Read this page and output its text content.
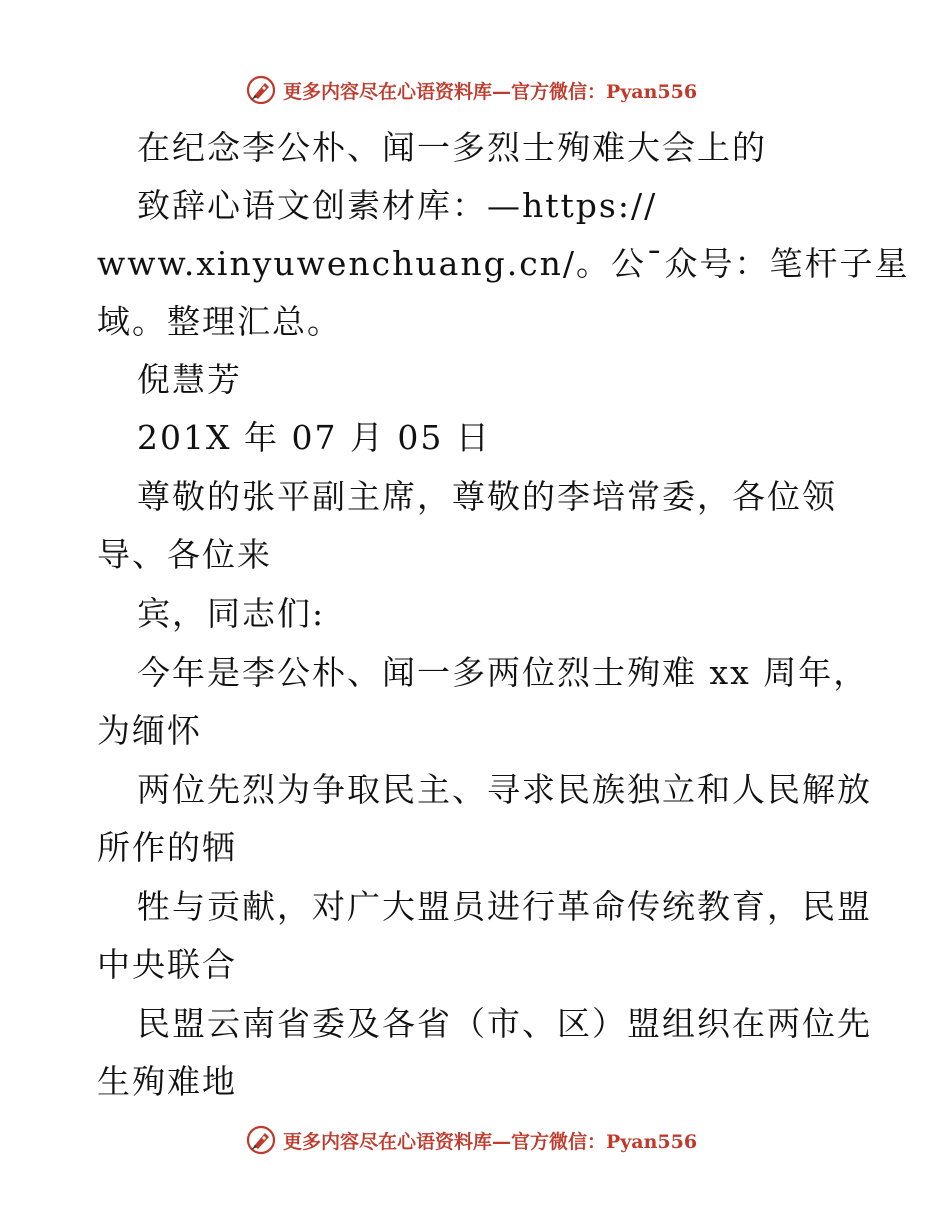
更多内容尽在心语资料库—官方微信：Pyan556
在纪念李公朴、闻一多烈士殉难大会上的
致辞心语文创素材库：—https://
www.xinyuwenchuang.cn/。公¯众号：笔杆子星
域。整理汇总。
倪慧芳
201X 年 07 月 05 日
尊敬的张平副主席，尊敬的李培常委，各位领
导、各位来
宾，同志们:
今年是李公朴、闻一多两位烈士殉难 xx 周年，
为缅怀
两位先烈为争取民主、寻求民族独立和人民解放
所作的牺
牲与贡献，对广大盟员进行革命传统教育，民盟
中央联合
民盟云南省委及各省（市、区）盟组织在两位先
生殉难地
更多内容尽在心语资料库—官方微信：Pyan556
